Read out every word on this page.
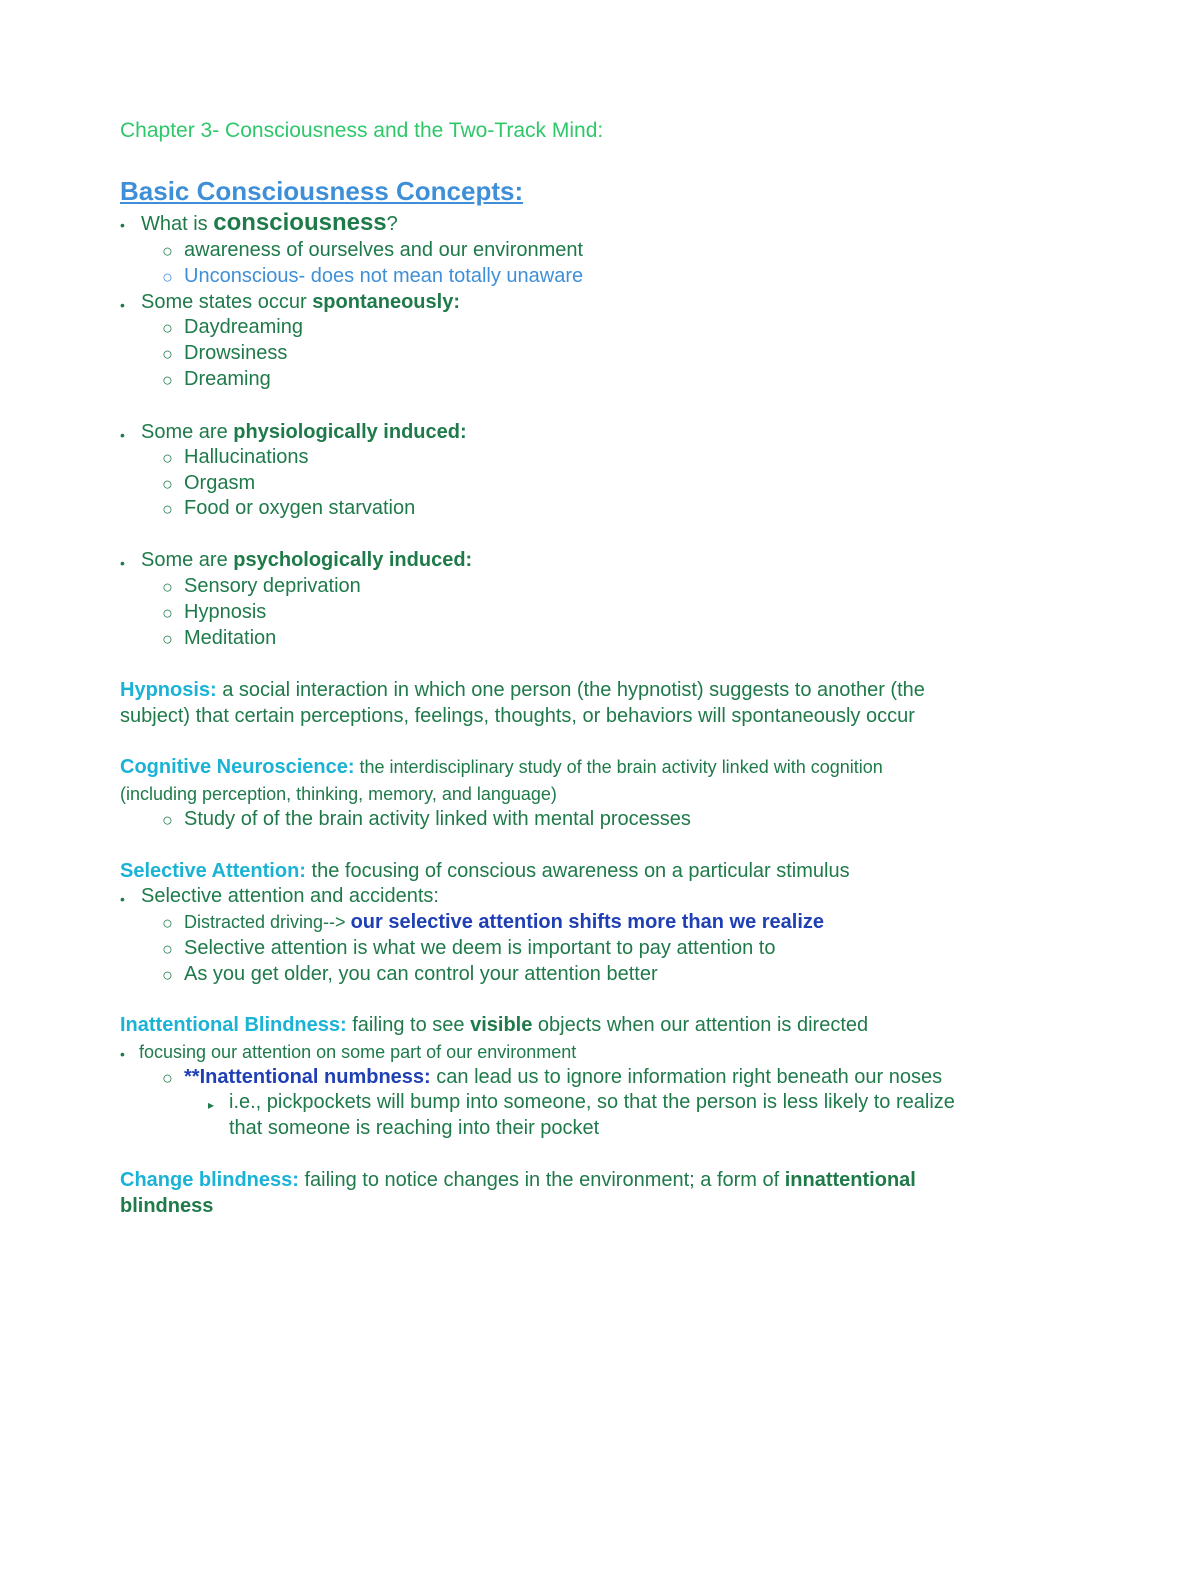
Chapter 3- Consciousness and the Two-Track Mind:
Basic Consciousness Concepts:
• What is consciousness?
○ awareness of ourselves and our environment
○ Unconscious- does not mean totally unaware
• Some states occur spontaneously:
○ Daydreaming
○ Drowsiness
○ Dreaming
• Some are physiologically induced:
○ Hallucinations
○ Orgasm
○ Food or oxygen starvation
• Some are psychologically induced:
○ Sensory deprivation
○ Hypnosis
○ Meditation
Hypnosis: a social interaction in which one person (the hypnotist) suggests to another (the
subject) that certain perceptions, feelings, thoughts, or behaviors will spontaneously occur
Cognitive Neuroscience: the interdisciplinary study of the brain activity linked with cognition
(including perception, thinking, memory, and language)
○ Study of of the brain activity linked with mental processes
Selective Attention: the focusing of conscious awareness on a particular stimulus
• Selective attention and accidents:
○ Distracted driving--> our selective attention shifts more than we realize
○ Selective attention is what we deem is important to pay attention to
○ As you get older, you can control your attention better
Inattentional Blindness: failing to see visible objects when our attention is directed
• focusing our attention on some part of our environment
○ **Inattentional numbness: can lead us to ignore information right beneath our noses
▸ i.e., pickpockets will bump into someone, so that the person is less likely to realize
that someone is reaching into their pocket
Change blindness: failing to notice changes in the environment; a form of innattentional
blindness
